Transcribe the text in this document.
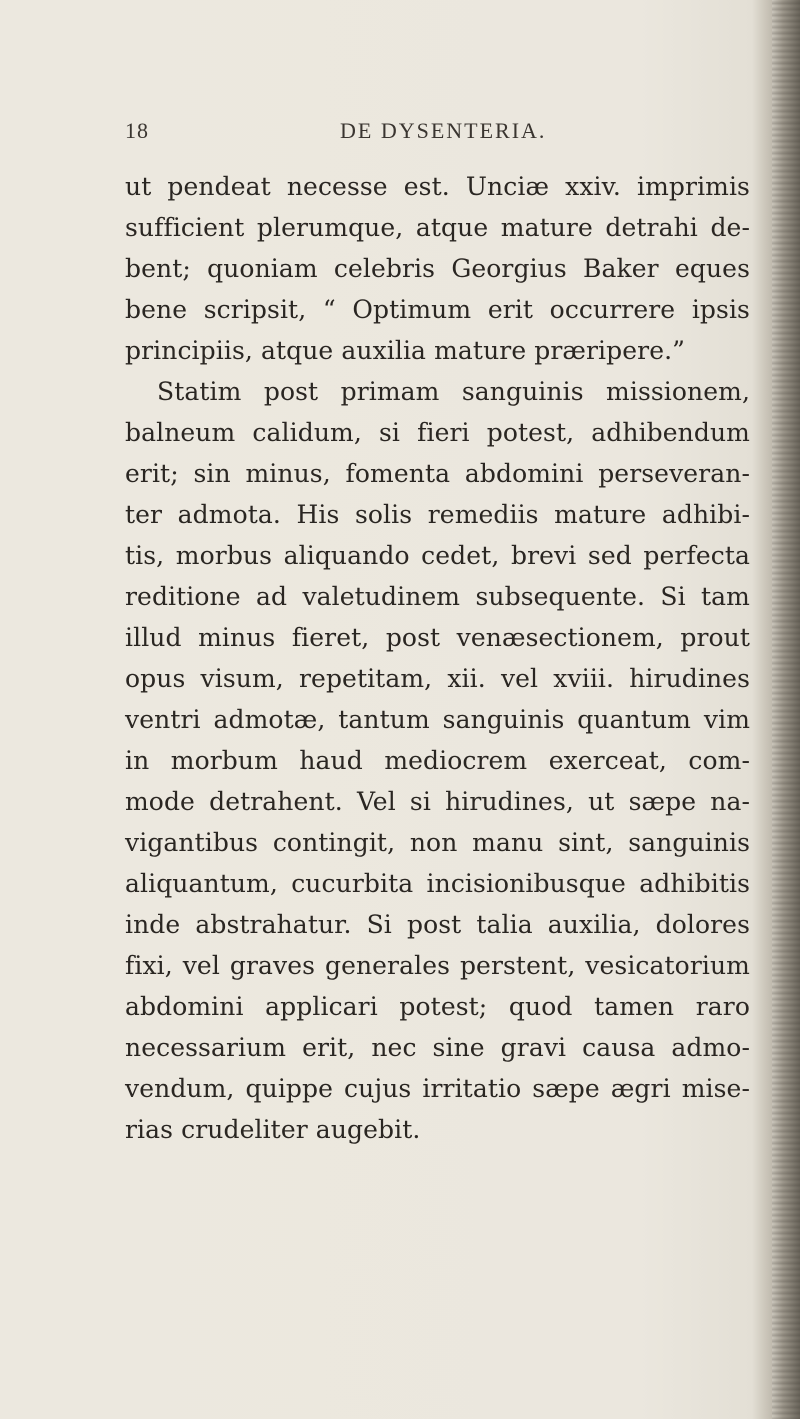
18	DE DYSENTERIA.
ut pendeat necesse est. Unciæ xxiv. imprimis
sufficient plerumque, atque mature detrahi de-
bent; quoniam celebris Georgius Baker eques
bene scripsit, “ Optimum erit occurrere ipsis
principiis, atque auxilia mature præripere.”
Statim post primam sanguinis missionem,
balneum calidum, si fieri potest, adhibendum
erit; sin minus, fomenta abdomini perseveran-
ter admota. His solis remediis mature adhibi-
tis, morbus aliquando cedet, brevi sed perfecta
reditione ad valetudinem subsequente. Si tam
illud minus fieret, post venæsectionem, prout
opus visum, repetitam, xii. vel xviii. hirudines
ventri admotæ, tantum sanguinis quantum vim
in morbum haud mediocrem exerceat, com-
mode detrahent. Vel si hirudines, ut sæpe na-
vigantibus contingit, non manu sint, sanguinis
aliquantum, cucurbita incisionibusque adhibitis
inde abstrahatur. Si post talia auxilia, dolores
fixi, vel graves generales perstent, vesicatorium
abdomini applicari potest; quod tamen raro
necessarium erit, nec sine gravi causa admo-
vendum, quippe cujus irritatio sæpe ægri mise-
rias crudeliter augebit.
